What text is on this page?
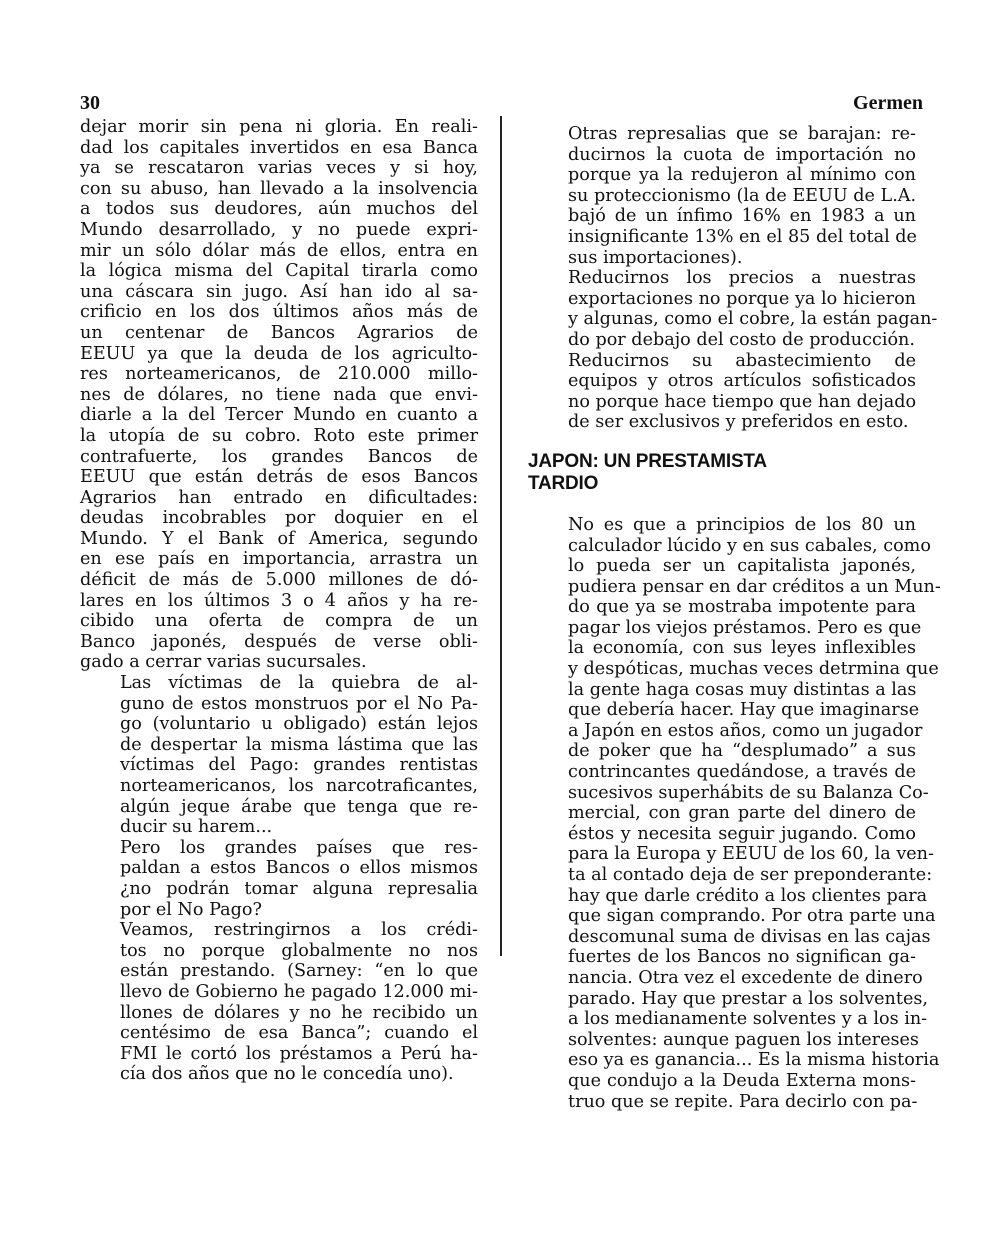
30	Germen

dejar morir sin pena ni gloria. En reali-
dad los capitales invertidos en esa Banca
ya se rescataron varias veces y si hoy,
con su abuso, han llevado a la insolvencia
a todos sus deudores, aún muchos del
Mundo desarrollado, y no puede expri-
mir un sólo dólar más de ellos, entra en
la lógica misma del Capital tirarla como
una cáscara sin jugo. Así han ido al sa-
crificio en los dos últimos años más de
un centenar de Bancos Agrarios de
EEUU ya que la deuda de los agriculto-
res norteamericanos, de 210.000 millo-
nes de dólares, no tiene nada que envi-
diarle a la del Tercer Mundo en cuanto a
la utopía de su cobro. Roto este primer
contrafuerte, los grandes Bancos de
EEUU que están detrás de esos Bancos
Agrarios han entrado en dificultades:
deudas incobrables por doquier en el
Mundo. Y el Bank of America, segundo
en ese país en importancia, arrastra un
déficit de más de 5.000 millones de dó-
lares en los últimos 3 o 4 años y ha re-
cibido una oferta de compra de un
Banco japonés, después de verse obli-
gado a cerrar varias sucursales.

Las víctimas de la quiebra de al-
guno de estos monstruos por el No Pa-
go (voluntario u obligado) están lejos
de despertar la misma lástima que las
víctimas del Pago: grandes rentistas
norteamericanos, los narcotraficantes,
algún jeque árabe que tenga que re-
ducir su harem...

Pero los grandes países que res-
paldan a estos Bancos o ellos mismos
¿no podrán tomar alguna represalia
por el No Pago?

Veamos, restringirnos a los crédi-
tos no porque globalmente no nos
están prestando. (Sarney: “en lo que
llevo de Gobierno he pagado 12.000 mi-
llones de dólares y no he recibido un
centésimo de esa Banca”; cuando el
FMI le cortó los préstamos a Perú ha-
cía dos años que no le concedía uno).

Otras represalias que se barajan: re-
ducirnos la cuota de importación no
porque ya la redujeron al mínimo con
su proteccionismo (la de EEUU de L.A.
bajó de un ínfimo 16% en 1983 a un
insignificante 13% en el 85 del total de
sus importaciones).

Reducirnos los precios a nuestras
exportaciones no porque ya lo hicieron
y algunas, como el cobre, la están pagan-
do por debajo del costo de producción.

Reducirnos su abastecimiento de
equipos y otros artículos sofisticados
no porque hace tiempo que han dejado
de ser exclusivos y preferidos en esto.

JAPON: UN PRESTAMISTA
TARDIO

No es que a principios de los 80 un
calculador lúcido y en sus cabales, como
lo pueda ser un capitalista japonés,
pudiera pensar en dar créditos a un Mun-
do que ya se mostraba impotente para
pagar los viejos préstamos. Pero es que
la economía, con sus leyes inflexibles
y despóticas, muchas veces detrmina que
la gente haga cosas muy distintas a las
que debería hacer. Hay que imaginarse
a Japón en estos años, como un jugador
de poker que ha “desplumado” a sus
contrincantes quedándose, a través de
sucesivos superhábits de su Balanza Co-
mercial, con gran parte del dinero de
éstos y necesita seguir jugando. Como
para la Europa y EEUU de los 60, la ven-
ta al contado deja de ser preponderante:
hay que darle crédito a los clientes para
que sigan comprando. Por otra parte una
descomunal suma de divisas en las cajas
fuertes de los Bancos no significan ga-
nancia. Otra vez el excedente de dinero
parado. Hay que prestar a los solventes,
a los medianamente solventes y a los in-
solventes: aunque paguen los intereses
eso ya es ganancia... Es la misma historia
que condujo a la Deuda Externa mons-
truo que se repite. Para decirlo con pa-
